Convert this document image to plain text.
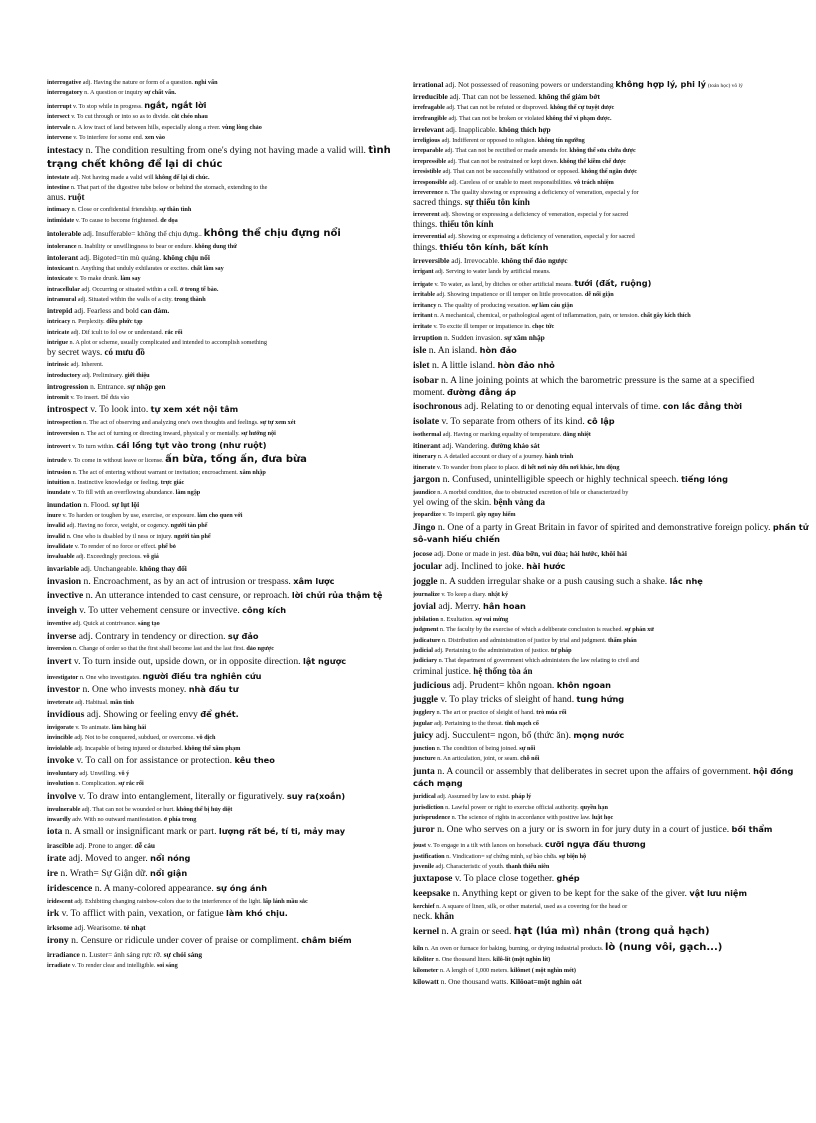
interrogative adj. Having the nature or form of a question. nghi vấn
interrogatory n. A question or inquiry sự chất vấn.
interrupt v. To stop while in progress. ngắt, ngắt lời
intersect v. To cut through or into so as to divide. cắt chéo nhau
intervale n. A low tract of land between hills, especially along a river. vùng lòng chảo
intervene v. To interfere for some end. xen vào
intestacy n. The condition resulting from one's dying not having made a valid will. tình trạng chết không để lại di chúc
intestate adj. Not having made a valid will không để lại di chúc.
intestine n. That part of the digestive tube below or behind the stomach, extending to the
anus. ruột
intimacy n. Close or confidential friendship. sự thân tình
intimidate v. To cause to become frightened. đe dọa
intolerable adj. Insufferable= không thể chịu đựng.. không thể chịu đựng nổi
intolerance n. Inability or unwillingness to bear or endure. không dung thứ
intolerant adj. Bigoted=tin mù quáng. không chịu nổi
intoxicant n. Anything that unduly exhilarates or excites. chất làm say
intoxicate v. To make drunk. làm say
intracellular adj. Occurring or situated within a cell. ở trong tế bào.
intramural adj. Situated within the walls of a city. trong thành
intrepid adj. Fearless and bold can đảm.
intricacy n. Perplexity. điều phức tạp
intricate adj. Dif icult to fol ow or understand. rắc rối
intrigue n. A plot or scheme, usually complicated and intended to accomplish something
by secret ways. có mưu đồ
intrinsic adj. Inherent.
introductory adj. Preliminary. giới thiệu
introgression n. Entrance. sự nhập gen
intromit v. To insert. Để đưa vào
introspect v. To look into. tự xem xét nội tâm
introspection n. The act of observing and analyzing one's own thoughts and feelings. sự tự xem xét
introversion n. The act of turning or directing inward, physical y or mentally. sự hướng nội
introvert v. To turn within. cái lồng tụt vào trong (như ruột)
intrude v. To come in without leave or license. ấn bừa, tống ấn, đưa bừa
intrusion n. The act of entering without warrant or invitation; encroachment. xâm nhập
intuition n. Instinctive knowledge or feeling. trực giác
inundate v. To fill with an overflowing abundance. làm ngập
inundation n. Flood. sự lụt lội
inure v. To harden or toughen by use, exercise, or exposure. làm cho quen với
invalid adj. Having no force, weight, or cogency. người tàn phế
invalid n. One who is disabled by il ness or injury. người tàn phế
invalidate v. To render of no force or effect. phế bỏ
invaluable adj. Exceedingly precious. vô giá
invariable adj. Unchangeable. không thay đổi
invasion n. Encroachment, as by an act of intrusion or trespass. xâm lược
invective n. An utterance intended to cast censure, or reproach. lời chửi rủa thậm tệ
inveigh v. To utter vehement censure or invective. công kích
inventive adj. Quick at contrivance. sáng tạo
inverse adj. Contrary in tendency or direction. sự đảo
inversion n. Change of order so that the first shall become last and the last first. đảo ngược
invert v. To turn inside out, upside down, or in opposite direction. lật ngược
investigator n. One who investigates. người điều tra nghiên cứu
investor n. One who invests money. nhà đầu tư
inveterate adj. Habitual. mãn tính
invidious adj. Showing or feeling envy để ghét.
invigorate v. To animate. làm hăng hái
invincible adj. Not to be conquered, subdued, or overcome. vô địch
inviolable adj. Incapable of being injured or disturbed. không thể xâm phạm
invoke v. To call on for assistance or protection. kêu theo
involuntary adj. Unwilling. vô ý
involution n. Complication. sự rắc rối
involve v. To draw into entanglement, literally or figuratively. suy ra(xoắn)
invulnerable adj. That can not be wounded or hurt. không thể bị hủy diệt
inwardly adv. With no outward manifestation. ở phía trong
iota n. A small or insignificant mark or part. lượng rất bé, tí ti, mảy may
irascible adj. Prone to anger. dễ cáu
irate adj. Moved to anger. nổi nóng
ire n. Wrath= Sự Giận dữ. nổi giận
iridescence n. A many-colored appearance. sự óng ánh
iridescent adj. Exhibiting changing rainbow-colors due to the interference of the light. lấp lánh mầu sắc
irk v. To afflict with pain, vexation, or fatigue làm khó chịu.
irksome adj. Wearisome. tẻ nhạt
irony n. Censure or ridicule under cover of praise or compliment. châm biếm
irradiance n. Luster= ánh sáng rực rỡ. sự chói sáng
irradiate v. To render clear and intelligible. soi sáng
irrational adj. Not possessed of reasoning powers or understanding không hợp lý, phi lý (toán học) vô lý
irreducible adj. That can not be lessened. không thể giảm bớt
irrefragable adj. That can not be refuted or disproved. không thể cự tuyệt được
irrefrangible adj. That can not be broken or violated không thể vi phạm được.
irrelevant adj. Inapplicable. không thích hợp
irreligious adj. Indifferent or opposed to religion. không tín ngưỡng
irreparable adj. That can not be rectified or made amends for. không thể sửa chữa được
irrepressible adj. That can not be restrained or kept down. không thể kiềm chế được
irresistible adj. That can not be successfully withstood or opposed. không thể ngăn được
irresponsible adj. Careless of or unable to meet responsibilities. vô trách nhiệm
irreverence n. The quality showing or expressing a deficiency of veneration, especial y for
sacred things. sự thiếu tôn kính
irreverent adj. Showing or expressing a deficiency of veneration, especial y for sacred
things. thiếu tôn kính
irreverential adj. Showing or expressing a deficiency of veneration, especial y for sacred
things. thiếu tôn kính, bất kính
irreversible adj. Irrevocable. không thể đảo ngược
irrigant adj. Serving to water lands by artificial means.
irrigate v. To water, as land, by ditches or other artificial means. tưới (đất, ruộng)
irritable adj. Showing impatience or ill temper on little provocation. dễ nổi giận
irritancy n. The quality of producing vexation. sự làm cáu giận
irritant n. A mechanical, chemical, or pathological agent of inflammation, pain, or tension. chất gây kích thích
irritate v. To excite ill temper or impatience in. chọc tức
irruption n. Sudden invasion. sự xâm nhập
isle n. An island. hòn đảo
islet n. A little island. hòn đảo nhỏ
isobar n. A line joining points at which the barometric pressure is the same at a specified
moment. đường đẳng áp
isochronous adj. Relating to or denoting equal intervals of time. con lắc đẳng thời
isolate v. To separate from others of its kind. cô lập
isothermal adj. Having or marking equality of temperature. đẳng nhiệt
itinerant adj. Wandering. đường khảo sát
itinerary n. A detailed account or diary of a journey. hành trình
itinerate v. To wander from place to place. đi hết nơi này đến nơi khác, lưu động
jargon n. Confused, unintelligible speech or highly technical speech. tiếng lóng
jaundice n. A morbid condition, due to obstructed excretion of bile or characterized by
yel owing of the skin. bệnh vàng da
jeopardize v. To imperil. gây nguy hiểm
Jingo n. One of a party in Great Britain in favor of spirited and demonstrative foreign policy. phần tử sô-vanh hiếu chiến
jocose adj. Done or made in jest. đùa bỡn, vui đùa; hài hước, khôi hài
jocular adj. Inclined to joke. hài hước
joggle n. A sudden irregular shake or a push causing such a shake. lắc nhẹ
journalize v. To keep a diary. nhật ký
jovial adj. Merry. hân hoan
jubilation n. Exultation. sự vui mừng
judgment n. The faculty by the exercise of which a deliberate conclusion is reached. sự phán xử
judicature n. Distribution and administration of justice by trial and judgment. thẩm phán
judicial adj. Pertaining to the administration of justice. tư pháp
judiciary n. That department of government which administers the law relating to civil and
criminal justice. hệ thống tòa án
judicious adj. Prudent= khôn ngoan. khôn ngoan
juggle v. To play tricks of sleight of hand. tung hứng
jugglery n. The art or practice of sleight of hand. trò múa rối
jugular adj. Pertaining to the throat. tĩnh mạch cổ
juicy adj. Succulent= ngon, bổ (thức ăn). mọng nước
junction n. The condition of being joined. sự nối
juncture n. An articulation, joint, or seam. chỗ nối
junta n. A council or assembly that deliberates in secret upon the affairs of government. hội đồng cách mạng
juridical adj. Assumed by law to exist. pháp lý
jurisdiction n. Lawful power or right to exercise official authority. quyền hạn
jurisprudence n. The science of rights in accordance with positive law. luật học
juror n. One who serves on a jury or is sworn in for jury duty in a court of justice. bồi thẩm
joust v. To engage in a tilt with lances on horseback. cưỡi ngựa đấu thương
justification n. Vindication= sự chứng minh, sự bào chữa. sự biện hộ
juvenile adj. Characteristic of youth. thanh thiếu niên
juxtapose v. To place close together. ghép
keepsake n. Anything kept or given to be kept for the sake of the giver. vật lưu niệm
kerchief n. A square of linen, silk, or other material, used as a covering for the head or
neck. khăn
kernel n. A grain or seed. hạt (lúa mì) nhân (trong quả hạch)
kiln n. An oven or furnace for baking, burning, or drying industrial products. lò (nung vôi, gạch...)
kiloliter n. One thousand liters. kilô-lít (một nghìn lít)
kilometer n. A length of 1,000 meters. kilômet ( một nghìn mét)
kilowatt n. One thousand watts. Kilôoat=một nghìn oát
